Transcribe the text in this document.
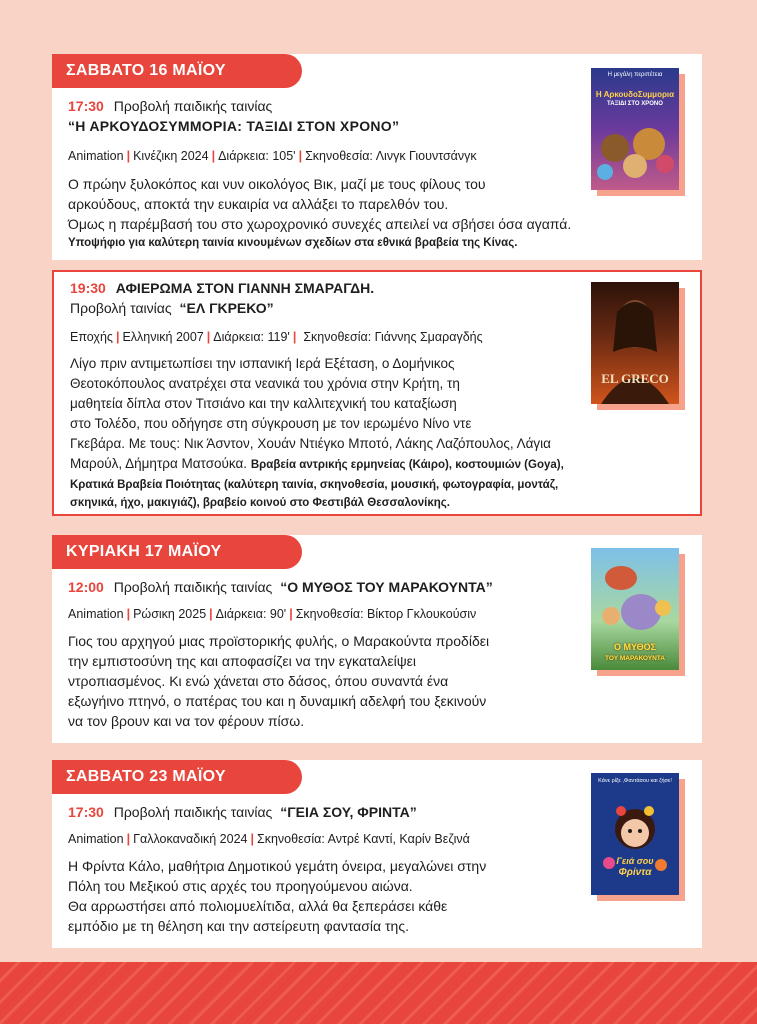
ΣΑΒΒΑΤΟ 16 ΜΑΪΟΥ
17:30 Προβολή παιδικής ταινίας
“Η ΑΡΚΟΥΔΟΣΥΜΜΟΡΙΑ: ΤΑΞΙΔΙ ΣΤΟΝ ΧΡΟΝΟ”
Animation | Κινέζικη 2024 | Διάρκεια: 105' | Σκηνοθεσία: Λινγκ Γιουντσάνγκ
Ο πρώην ξυλοκόπος και νυν οικολόγος Βικ, μαζί με τους φίλους του
αρκούδους, αποκτά την ευκαιρία να αλλάξει το παρελθόν του.
Όμως η παρέμβασή του στο χωροχρονικό συνεχές απειλεί να σβήσει όσα αγαπά.
Υποψήφιο για καλύτερη ταινία κινουμένων σχεδίων στα εθνικά βραβεία της Κίνας.
Η μεγάλη περιπέτεια
Η ΑρκουδοΣυμμορια
ΤΑΞΙΔΙ ΣΤΟ ΧΡΟΝΟ
19:30 ΑΦΙΕΡΩΜΑ ΣΤΟΝ ΓΙΑΝΝΗ ΣΜΑΡΑΓΔΗ.
Προβολή ταινίας “ΕΛ ΓΚΡΕΚΟ”
Εποχής | Ελληνική 2007 | Διάρκεια: 119' | Σκηνοθεσία: Γιάννης Σμαραγδής
Λίγο πριν αντιμετωπίσει την ισπανική Ιερά Εξέταση, ο Δομήνικος
Θεοτοκόπουλος ανατρέχει στα νεανικά του χρόνια στην Κρήτη, τη
μαθητεία δίπλα στον Τιτσιάνο και την καλλιτεχνική του καταξίωση
στο Τολέδο, που οδήγησε στη σύγκρουση με τον ιερωμένο Νίνο ντε
Γκεβάρα. Με τους: Νικ Άσντον, Χουάν Ντιέγκο Μποτό, Λάκης Λαζόπουλος, Λάγια
Μαρούλ, Δήμητρα Ματσούκα. Βραβεία αντρικής ερμηνείας (Κάιρο), κοστουμιών (Goya),
Κρατικά Βραβεία Ποιότητας (καλύτερη ταινία, σκηνοθεσία, μουσική, φωτογραφία, μοντάζ,
σκηνικά, ήχο, μακιγιάζ), βραβείο κοινού στο Φεστιβάλ Θεσσαλονίκης.
EL GRECO
ΚΥΡΙΑΚΗ 17 ΜΑΪΟΥ
12:00 Προβολή παιδικής ταινίας “Ο ΜΥΘΟΣ ΤΟΥ ΜΑΡΑΚΟΥΝΤΑ”
Animation | Ρώσικη 2025 | Διάρκεια: 90' | Σκηνοθεσία: Βίκτορ Γκλουκούσιν
Γιος του αρχηγού μιας προϊστορικής φυλής, ο Μαρακούντα προδίδει
την εμπιστοσύνη της και αποφασίζει να την εγκαταλείψει
ντροπιασμένος. Κι ενώ χάνεται στο δάσος, όπου συναντά ένα
εξωγήινο πτηνό, ο πατέρας του και η δυναμική αδελφή του ξεκινούν
να τον βρουν και να τον φέρουν πίσω.
Ο ΜΥΘΟΣ
ΤΟΥ ΜΑΡΑΚΟΥΝΤΑ
ΣΑΒΒΑΤΟ 23 ΜΑΪΟΥ
17:30 Προβολή παιδικής ταινίας “ΓΕΙΑ ΣΟΥ, ΦΡΙΝΤΑ”
Animation | Γαλλοκαναδική 2024 | Σκηνοθεσία: Αντρέ Καντί, Καρίν Βεζινά
Η Φρίντα Κάλο, μαθήτρια Δημοτικού γεμάτη όνειρα, μεγαλώνει στην
Πόλη του Μεξικού στις αρχές του προηγούμενου αιώνα.
Θα αρρωστήσει από πολιομυελίτιδα, αλλά θα ξεπεράσει κάθε
εμπόδιο με τη θέληση και την αστείρευτη φαντασία της.
Κάνε ρίξε ,Φαντάσου και ζήσε!
Γειά σου
Φρίντα
